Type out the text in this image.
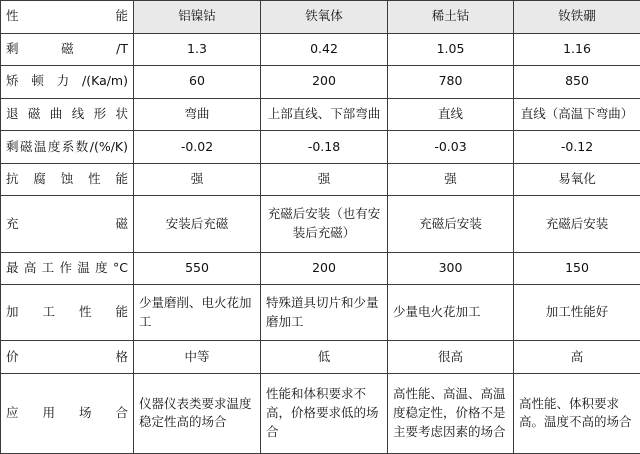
性能	铝镍钴	铁氧体	稀土钴	钕铁硼
剩磁/T	1.3	0.42	1.05	1.16
矫顿力/(Ka/m)	60	200	780	850
退磁曲线形状	弯曲	上部直线、下部弯曲	直线	直线（高温下弯曲）
剩磁温度系数/(%/K)	-0.02	-0.18	-0.03	-0.12
抗腐蚀性能	强	强	强	易氧化
充磁	安装后充磁	充磁后安装（也有安装后充磁）	充磁后安装	充磁后安装
最高工作温度°C	550	200	300	150
加工性能	少量磨削、电火花加工	特殊道具切片和少量磨加工	少量电火花加工	加工性能好
价格	中等	低	很高	高
应用场合	仪器仪表类要求温度稳定性高的场合	性能和体积要求不高，价格要求低的场合	高性能、高温、高温度稳定性，价格不是主要考虑因素的场合	高性能、体积要求高。温度不高的场合
